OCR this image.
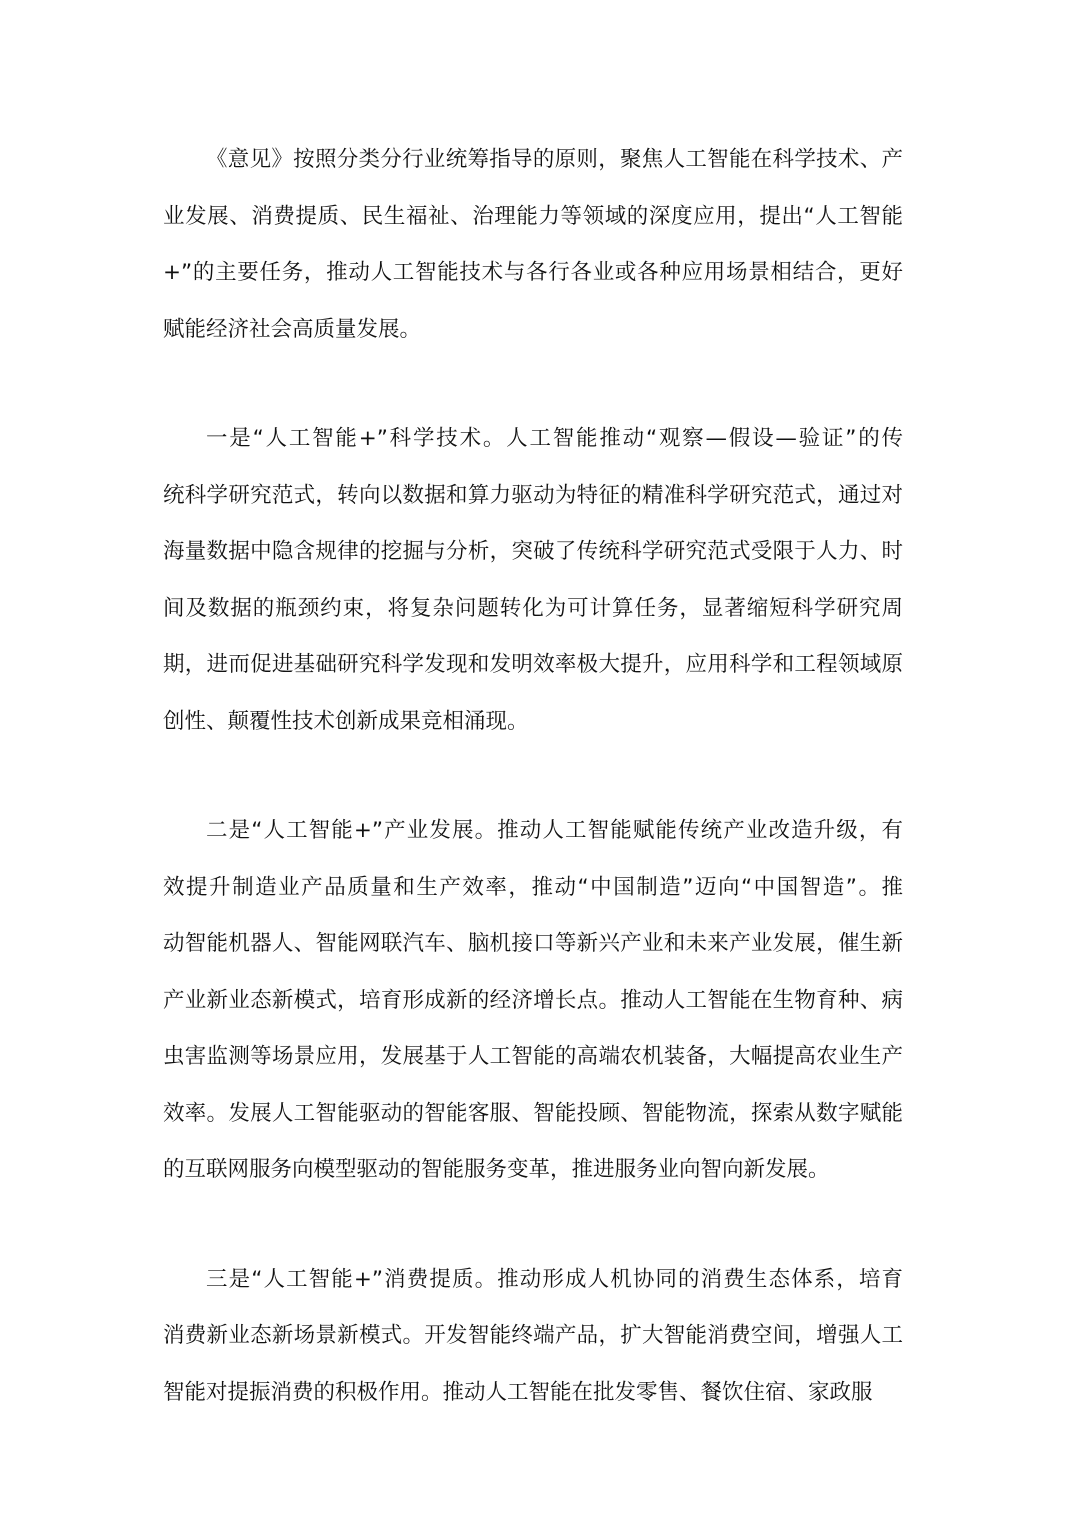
《意见》按照分类分行业统筹指导的原则，聚焦人工智能在科学技术、产
业发展、消费提质、民生福祉、治理能力等领域的深度应用，提出“人工智能
+”的主要任务，推动人工智能技术与各行各业或各种应用场景相结合，更好
赋能经济社会高质量发展。
一是“人工智能+”科学技术。人工智能推动“观察—假设—验证”的传
统科学研究范式，转向以数据和算力驱动为特征的精准科学研究范式，通过对
海量数据中隐含规律的挖掘与分析，突破了传统科学研究范式受限于人力、时
间及数据的瓶颈约束，将复杂问题转化为可计算任务，显著缩短科学研究周
期，进而促进基础研究科学发现和发明效率极大提升，应用科学和工程领域原
创性、颠覆性技术创新成果竞相涌现。
二是“人工智能+”产业发展。推动人工智能赋能传统产业改造升级，有
效提升制造业产品质量和生产效率，推动“中国制造”迈向“中国智造”。推
动智能机器人、智能网联汽车、脑机接口等新兴产业和未来产业发展，催生新
产业新业态新模式，培育形成新的经济增长点。推动人工智能在生物育种、病
虫害监测等场景应用，发展基于人工智能的高端农机装备，大幅提高农业生产
效率。发展人工智能驱动的智能客服、智能投顾、智能物流，探索从数字赋能
的互联网服务向模型驱动的智能服务变革，推进服务业向智向新发展。
三是“人工智能+”消费提质。推动形成人机协同的消费生态体系，培育
消费新业态新场景新模式。开发智能终端产品，扩大智能消费空间，增强人工
智能对提振消费的积极作用。推动人工智能在批发零售、餐饮住宿、家政服
